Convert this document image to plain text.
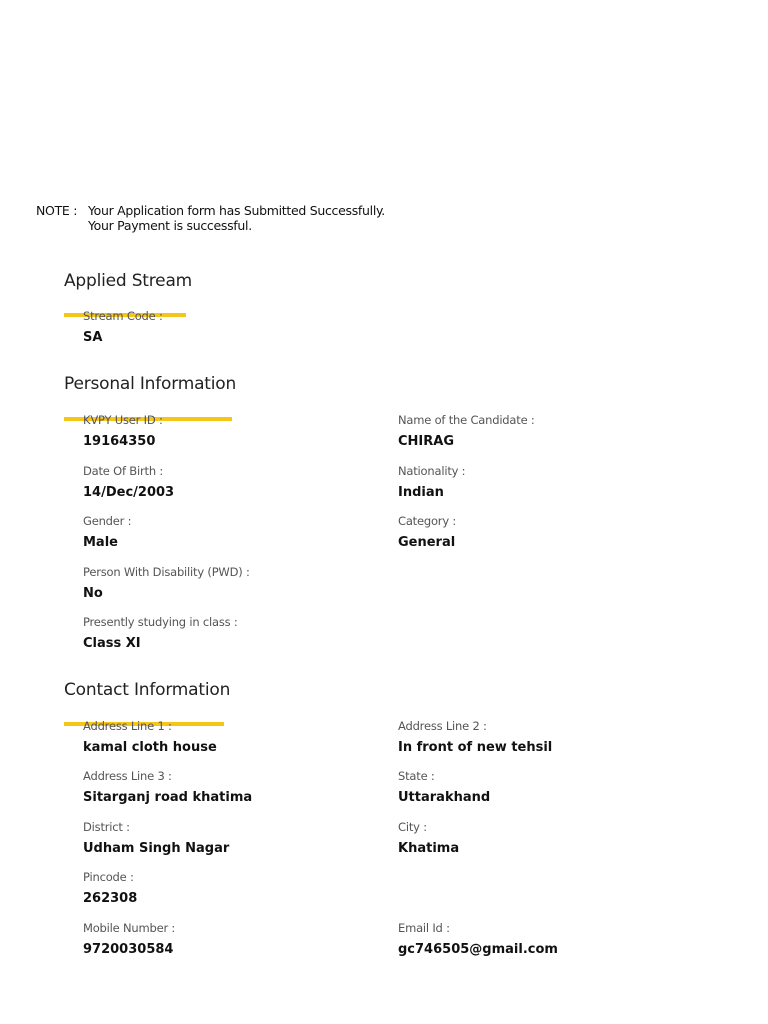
NOTE : Your Application form has Submitted Successfully.
Your Payment is successful.
Applied Stream
Stream Code :
SA
Personal Information
KVPY User ID :
19164350
Name of the Candidate :
CHIRAG
Date Of Birth :
14/Dec/2003
Nationality :
Indian
Gender :
Male
Category :
General
Person With Disability (PWD) :
No
Presently studying in class :
Class XI
Contact Information
Address Line 1 :
kamal cloth house
Address Line 2 :
In front of new tehsil
Address Line 3 :
Sitarganj road khatima
State :
Uttarakhand
District :
Udham Singh Nagar
City :
Khatima
Pincode :
262308
Mobile Number :
9720030584
Email Id :
gc746505@gmail.com
